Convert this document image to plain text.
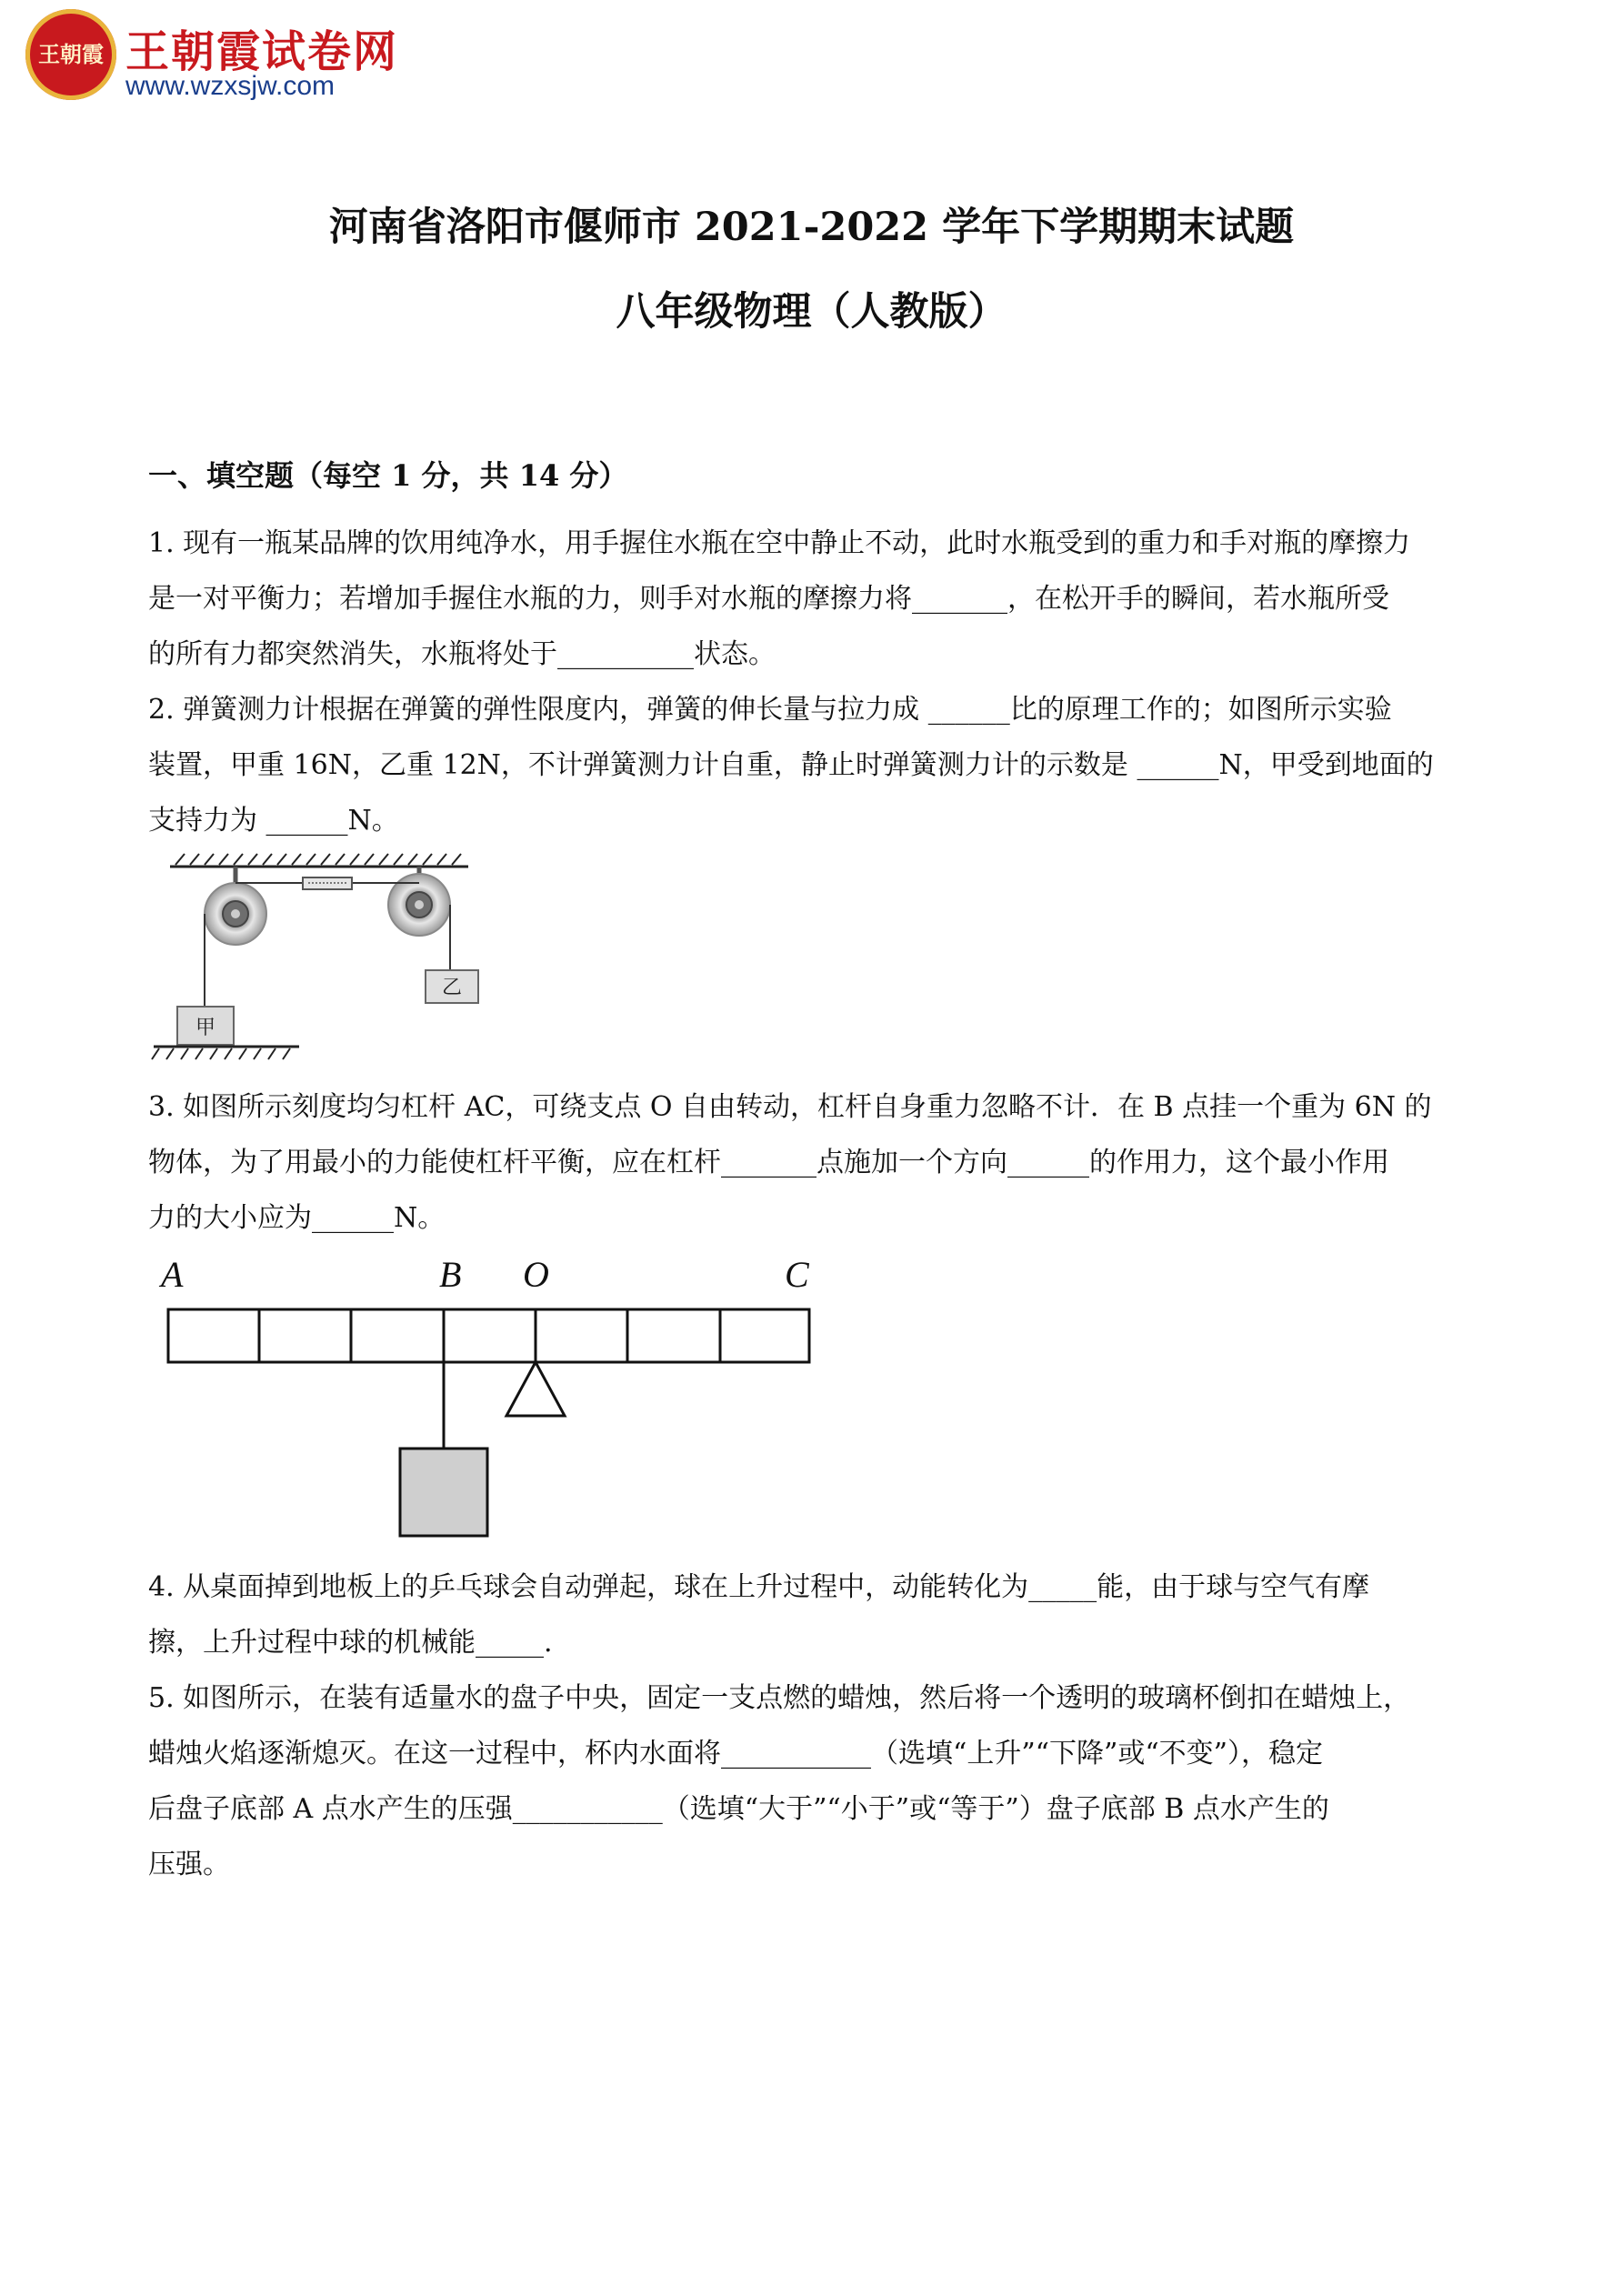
王朝霞 王朝霞试卷网
www.wzxsjw.com
河南省洛阳市偃师市 2021-2022 学年下学期期末试题
八年级物理（人教版）
一、填空题（每空 1 分，共 14 分）
1. 现有一瓶某品牌的饮用纯净水，用手握住水瓶在空中静止不动，此时水瓶受到的重力和手对瓶的摩擦力
是一对平衡力；若增加手握住水瓶的力，则手对水瓶的摩擦力将_______，在松开手的瞬间，若水瓶所受
的所有力都突然消失，水瓶将处于__________状态。
2. 弹簧测力计根据在弹簧的弹性限度内，弹簧的伸长量与拉力成 ______比的原理工作的；如图所示实验
装置，甲重 16N，乙重 12N，不计弹簧测力计自重，静止时弹簧测力计的示数是 ______N，甲受到地面的
支持力为 ______N。
乙
甲
3. 如图所示刻度均匀杠杆 AC，可绕支点 O 自由转动，杠杆自身重力忽略不计．在 B 点挂一个重为 6N 的
物体，为了用最小的力能使杠杆平衡，应在杠杆_______点施加一个方向______的作用力，这个最小作用
力的大小应为______N。
A	B O	C
4. 从桌面掉到地板上的乒乓球会自动弹起，球在上升过程中，动能转化为_____能，由于球与空气有摩
擦，上升过程中球的机械能_____.
5. 如图所示，在装有适量水的盘子中央，固定一支点燃的蜡烛，然后将一个透明的玻璃杯倒扣在蜡烛上，
蜡烛火焰逐渐熄灭。在这一过程中，杯内水面将___________（选填“上升”“下降”或“不变”），稳定
后盘子底部 A 点水产生的压强___________（选填“大于”“小于”或“等于”）盘子底部 B 点水产生的
压强。
